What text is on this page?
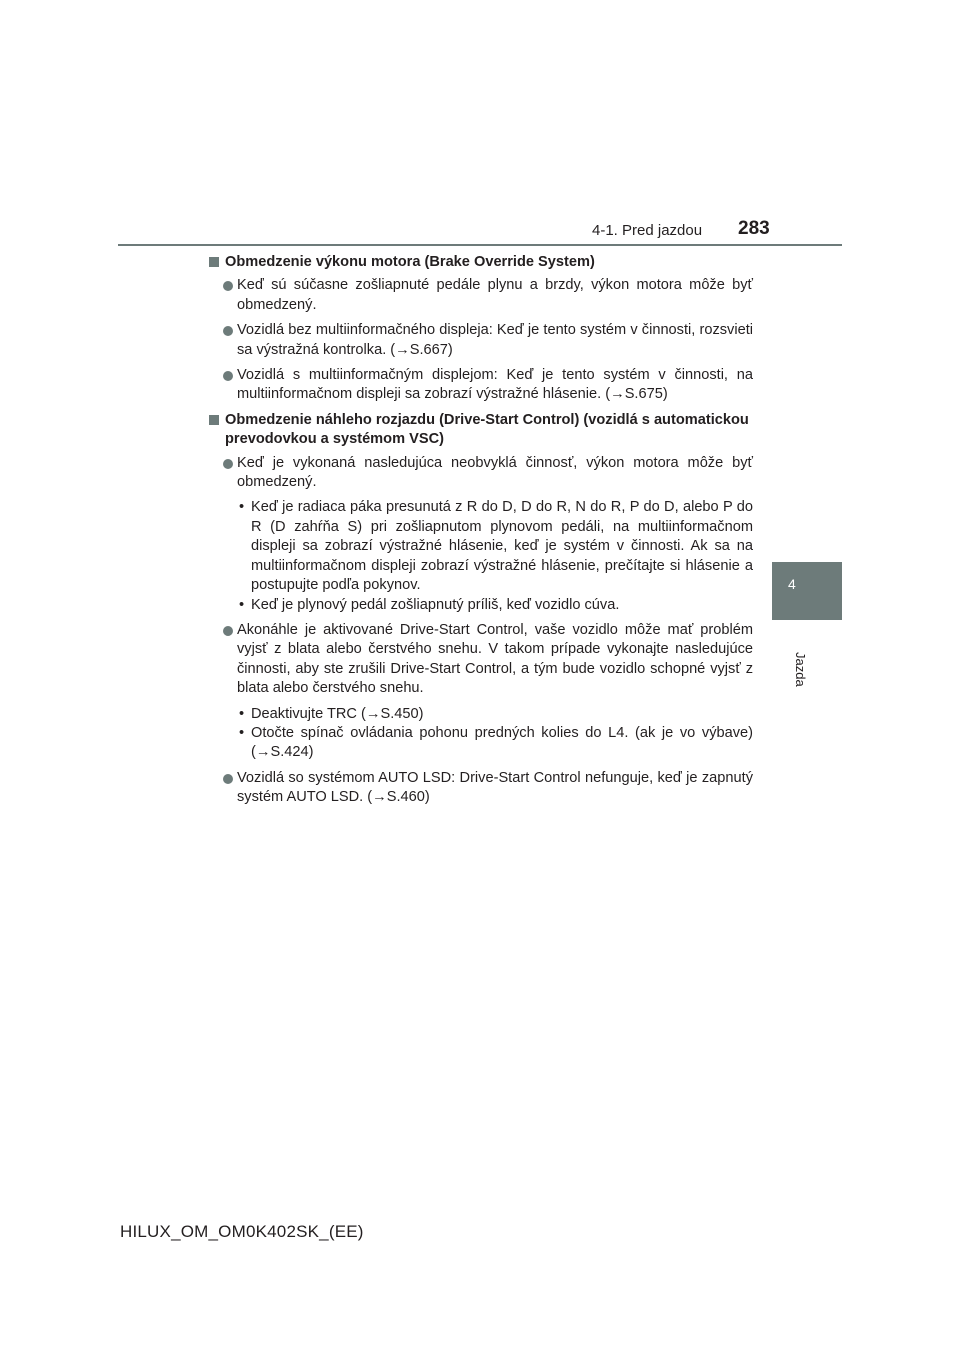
4-1. Pred jazdou 283
4
Jazda
Obmedzenie výkonu motora (Brake Override System)
Keď sú súčasne zošliapnuté pedále plynu a brzdy, výkon motora môže byť obmedzený.
Vozidlá bez multiinformačného displeja: Keď je tento systém v činnosti, rozsvieti sa výstražná kontrolka. (→S.667)
Vozidlá s multiinformačným displejom: Keď je tento systém v činnosti, na multiinformačnom displeji sa zobrazí výstražné hlásenie. (→S.675)
Obmedzenie náhleho rozjazdu (Drive-Start Control) (vozidlá s automatickou prevodovkou a systémom VSC)
Keď je vykonaná nasledujúca neobvyklá činnosť, výkon motora môže byť obmedzený.
• Keď je radiaca páka presunutá z R do D, D do R, N do R, P do D, alebo P do R (D zahŕňa S) pri zošliapnutom plynovom pedáli, na multiinformačnom displeji sa zobrazí výstražné hlásenie, keď je systém v činnosti. Ak sa na multiinformačnom displeji zobrazí výstražné hlásenie, prečítajte si hlásenie a postupujte podľa pokynov.
• Keď je plynový pedál zošliapnutý príliš, keď vozidlo cúva.
Akonáhle je aktivované Drive-Start Control, vaše vozidlo môže mať problém vyjsť z blata alebo čerstvého snehu. V takom prípade vykonajte nasledujúce činnosti, aby ste zrušili Drive-Start Control, a tým bude vozidlo schopné vyjsť z blata alebo čerstvého snehu.
• Deaktivujte TRC (→S.450)
• Otočte spínač ovládania pohonu predných kolies do L4. (ak je vo výbave) (→S.424)
Vozidlá so systémom AUTO LSD: Drive-Start Control nefunguje, keď je zapnutý systém AUTO LSD. (→S.460)
HILUX_OM_OM0K402SK_(EE)
